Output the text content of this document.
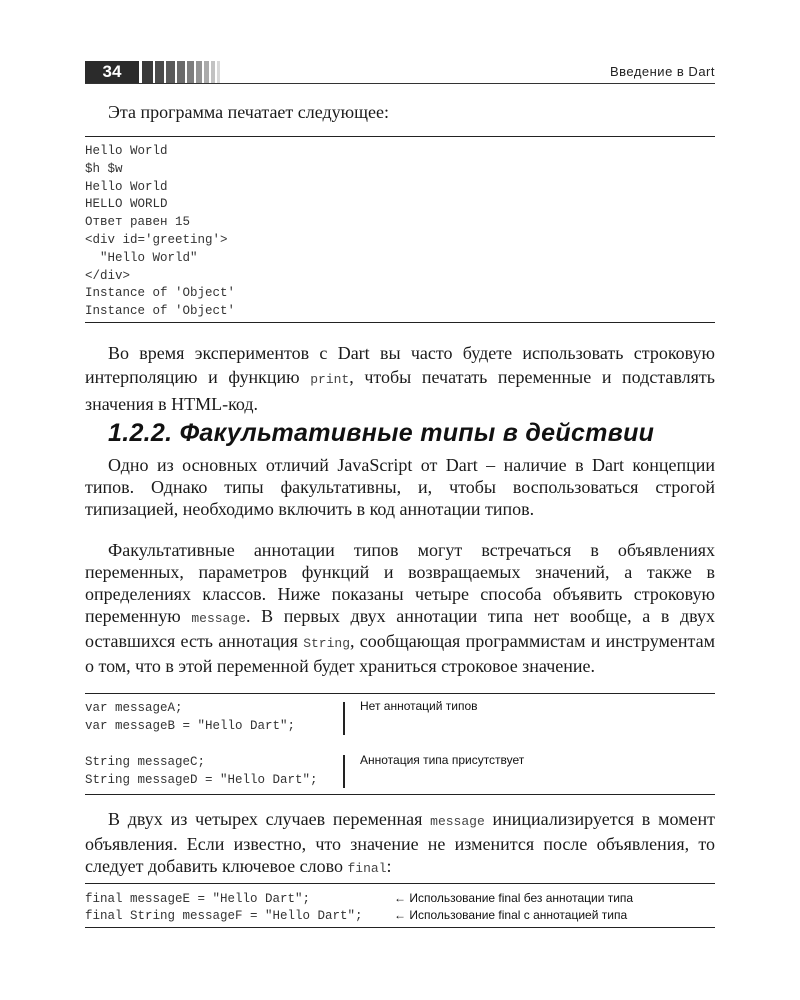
34	Введение в Dart
Эта программа печатает следующее:
Hello World
$h $w
Hello World
HELLO WORLD
Ответ равен 15
<div id='greeting'>
"Hello World"
</div>
Instance of 'Object'
Instance of 'Object'
Во время экспериментов с Dart вы часто будете использовать строковую интерполяцию и функцию print, чтобы печатать переменные и подставлять значения в HTML-код.
1.2.2. Факультативные типы в действии
Одно из основных отличий JavaScript от Dart – наличие в Dart концепции типов. Однако типы факультативны, и, чтобы воспользоваться строгой типизацией, необходимо включить в код аннотации типов.
Факультативные аннотации типов могут встречаться в объявлениях переменных, параметров функций и возвращаемых значений, а также в определениях классов. Ниже показаны четыре способа объявить строковую переменную message. В первых двух аннотации типа нет вообще, а в двух оставшихся есть аннотация String, сообщающая программистам и инструментам о том, что в этой переменной будет храниться строковое значение.
var messageA;
var messageB = "Hello Dart";
Нет аннотаций типов
String messageC;
String messageD = "Hello Dart";
Аннотация типа присутствует
В двух из четырех случаев переменная message инициализируется в момент объявления. Если известно, что значение не изменится после объявления, то следует добавить ключевое слово final:
final messageE = "Hello Dart";
final String messageF = "Hello Dart";
← Использование final без аннотации типа
← Использование final с аннотацией типа
